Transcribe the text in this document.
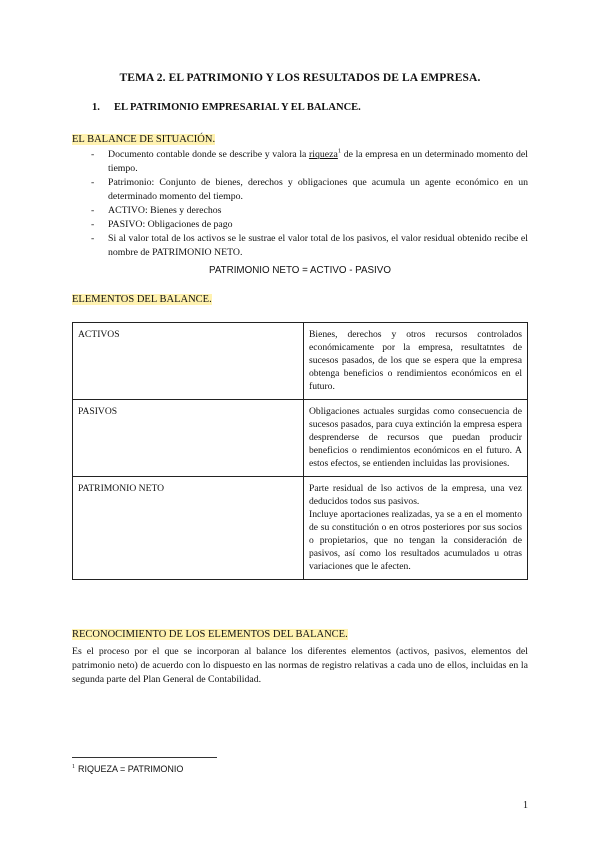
TEMA 2. EL PATRIMONIO Y LOS RESULTADOS DE LA EMPRESA.
1. EL PATRIMONIO EMPRESARIAL Y EL BALANCE.
EL BALANCE DE SITUACIÓN.
- Documento contable donde se describe y valora la riqueza$^1$ de la empresa en un determinado momento del tiempo.
- Patrimonio: Conjunto de bienes, derechos y obligaciones que acumula un agente económico en un determinado momento del tiempo.
- ACTIVO: Bienes y derechos
- PASIVO: Obligaciones de pago
- Si al valor total de los activos se le sustrae el valor total de los pasivos, el valor residual obtenido recibe el nombre de PATRIMONIO NETO.
PATRIMONIO NETO = ACTIVO - PASIVO
ELEMENTOS DEL BALANCE.
ACTIVOS	Bienes, derechos y otros recursos controlados económicamente por la empresa, resultatntes de sucesos pasados, de los que se espera que la empresa obtenga beneficios o rendimientos económicos en el futuro.
PASIVOS	Obligaciones actuales surgidas como consecuencia de sucesos pasados, para cuya extinción la empresa espera desprenderse de recursos que puedan producir beneficios o rendimientos económicos en el futuro. A estos efectos, se entienden incluidas las provisiones.
PATRIMONIO NETO	Parte residual de lso activos de la empresa, una vez deducidos todos sus pasivos.
Incluye aportaciones realizadas, ya se a en el momento de su constitución o en otros posteriores por sus socios o propietarios, que no tengan la consideración de pasivos, así como los resultados acumulados u otras variaciones que le afecten.
RECONOCIMIENTO DE LOS ELEMENTOS DEL BALANCE.

Es el proceso por el que se incorporan al balance los diferentes elementos (activos, pasivos, elementos del patrimonio neto) de acuerdo con lo dispuesto en las normas de registro relativas a cada uno de ellos, incluidas en la segunda parte del Plan General de Contabilidad.

$^1$ RIQUEZA = PATRIMONIO
1
